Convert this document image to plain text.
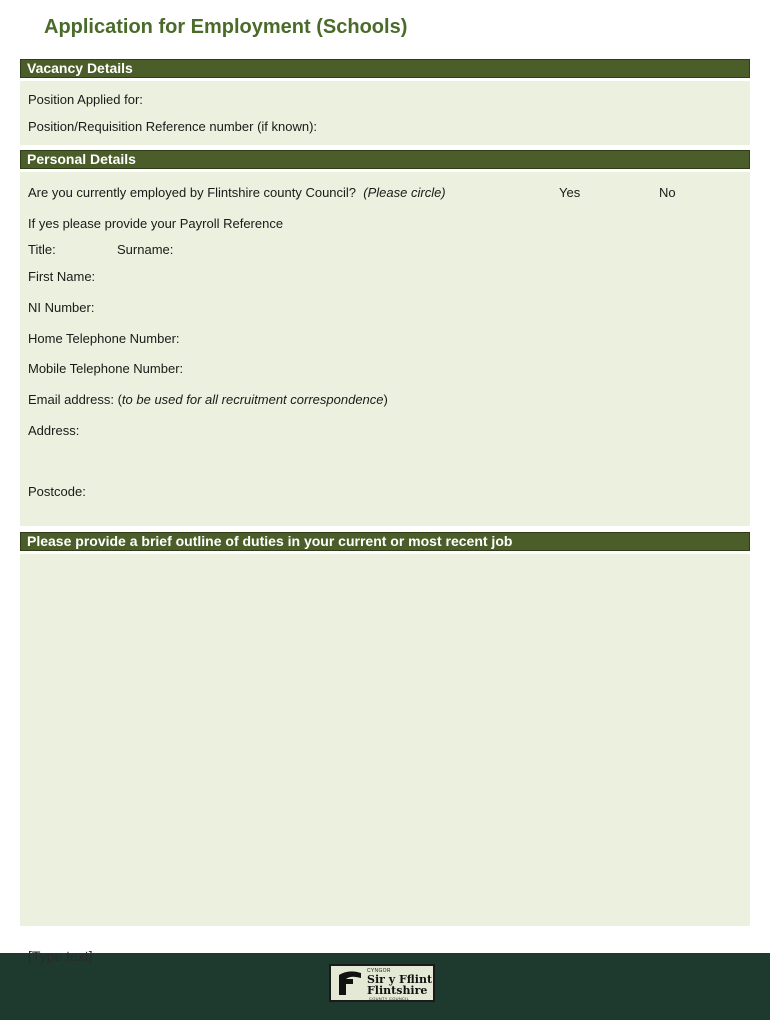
Application for Employment (Schools)
Vacancy Details
Position Applied for:
Position/Requisition Reference number (if known):
Personal Details
Are you currently employed by Flintshire county Council? (Please circle)	Yes	No
If yes please provide your Payroll Reference
Title:	Surname:
First Name:
NI Number:
Home Telephone Number:
Mobile Telephone Number:
Email address: (to be used for all recruitment correspondence)
Address:
Postcode:
Please provide a brief outline of duties in your current or most recent job
[Type text]
CYNGOR
Sir y Fflint
Flintshire
COUNTY COUNCIL
